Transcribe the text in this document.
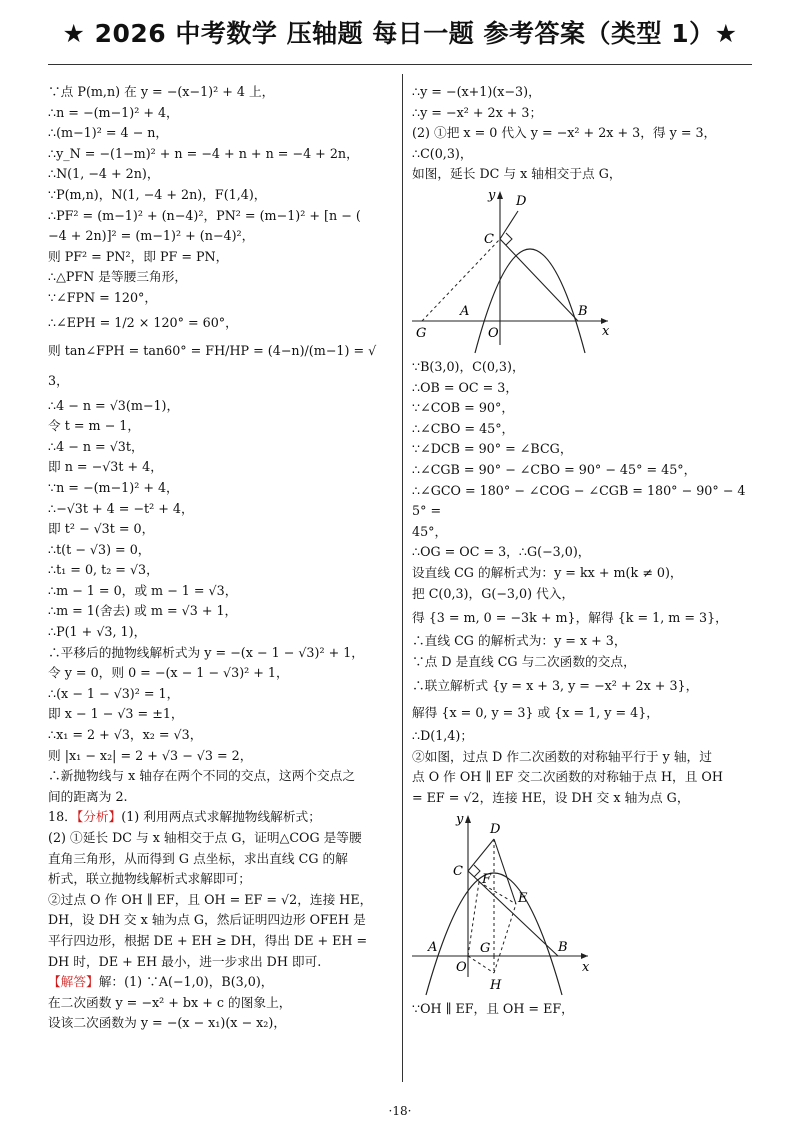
★ 2026 中考数学 压轴题 每日一题 参考答案（类型 1）★
∵点 P(m,n) 在 y = −(x−1)² + 4 上，
∴n = −(m−1)² + 4，
∴(m−1)² = 4 − n，
∴y_N = −(1−m)² + n = −4 + n + n = −4 + 2n，
∴N(1, −4 + 2n)，
∵P(m,n)，N(1, −4 + 2n)，F(1,4)，
∴PF² = (m−1)² + (n−4)²，PN² = (m−1)² + [n − (
−4 + 2n)]² = (m−1)² + (n−4)²，
则 PF² = PN²，即 PF = PN，
∴△PFN 是等腰三角形，
∵∠FPN = 120°，
∴∠EPH = 1/2 × 120° = 60°，
则 tan∠FPH = tan60° = FH/HP = (4−n)/(m−1) = √3，
∴4 − n = √3(m−1)，
令 t = m − 1，
∴4 − n = √3t，
即 n = −√3t + 4，
∵n = −(m−1)² + 4，
∴−√3t + 4 = −t² + 4，
即 t² − √3t = 0，
∴t(t − √3) = 0，
∴t₁ = 0, t₂ = √3，
∴m − 1 = 0，或 m − 1 = √3，
∴m = 1(舍去) 或 m = √3 + 1，
∴P(1 + √3, 1)，
∴平移后的抛物线解析式为 y = −(x − 1 − √3)² + 1，
令 y = 0，则 0 = −(x − 1 − √3)² + 1，
∴(x − 1 − √3)² = 1，
即 x − 1 − √3 = ±1，
∴x₁ = 2 + √3，x₂ = √3，
则 |x₁ − x₂| = 2 + √3 − √3 = 2，
∴新抛物线与 x 轴存在两个不同的交点，这两个交点之
间的距离为 2.
18．【分析】(1) 利用两点式求解抛物线解析式；
(2) ①延长 DC 与 x 轴相交于点 G，证明△COG 是等腰
直角三角形，从而得到 G 点坐标，求出直线 CG 的解
析式，联立抛物线解析式求解即可；
②过点 O 作 OH ∥ EF，且 OH = EF = √2，连接 HE，
DH，设 DH 交 x 轴为点 G，然后证明四边形 OFEH 是
平行四边形，根据 DE + EH ≥ DH，得出 DE + EH =
DH 时，DE + EH 最小，进一步求出 DH 即可.
【解答】解：(1) ∵A(−1,0)，B(3,0)，
在二次函数 y = −x² + bx + c 的图象上，
设该二次函数为 y = −(x − x₁)(x − x₂)，
∴y = −(x+1)(x−3)，
∴y = −x² + 2x + 3；
(2) ①把 x = 0 代入 y = −x² + 2x + 3，得 y = 3，
∴C(0,3)，
如图，延长 DC 与 x 轴相交于点 G，
y
x
D
C
A	B
G	O
∵B(3,0)，C(0,3)，
∴OB = OC = 3，
∵∠COB = 90°，
∴∠CBO = 45°，
∵∠DCB = 90° = ∠BCG，
∴∠CGB = 90° − ∠CBO = 90° − 45° = 45°，
∴∠GCO = 180° − ∠COG − ∠CGB = 180° − 90° − 45° =
45°，
∴OG = OC = 3，∴G(−3,0)，
设直线 CG 的解析式为：y = kx + m(k ≠ 0)，
把 C(0,3)，G(−3,0) 代入，
得 {3 = m, 0 = −3k + m}，解得 {k = 1, m = 3}，
∴直线 CG 的解析式为：y = x + 3，
∵点 D 是直线 CG 与二次函数的交点，
∴联立解析式 {y = x + 3, y = −x² + 2x + 3}，
解得 {x = 0, y = 3} 或 {x = 1, y = 4}，
∴D(1,4)；
②如图，过点 D 作二次函数的对称轴平行于 y 轴，过
点 O 作 OH ∥ EF 交二次函数的对称轴于点 H，且 OH
= EF = √2，连接 HE，设 DH 交 x 轴为点 G，
y
x
D
C
F
E
A	B
G
O
H
∵OH ∥ EF，且 OH = EF，
·18·
